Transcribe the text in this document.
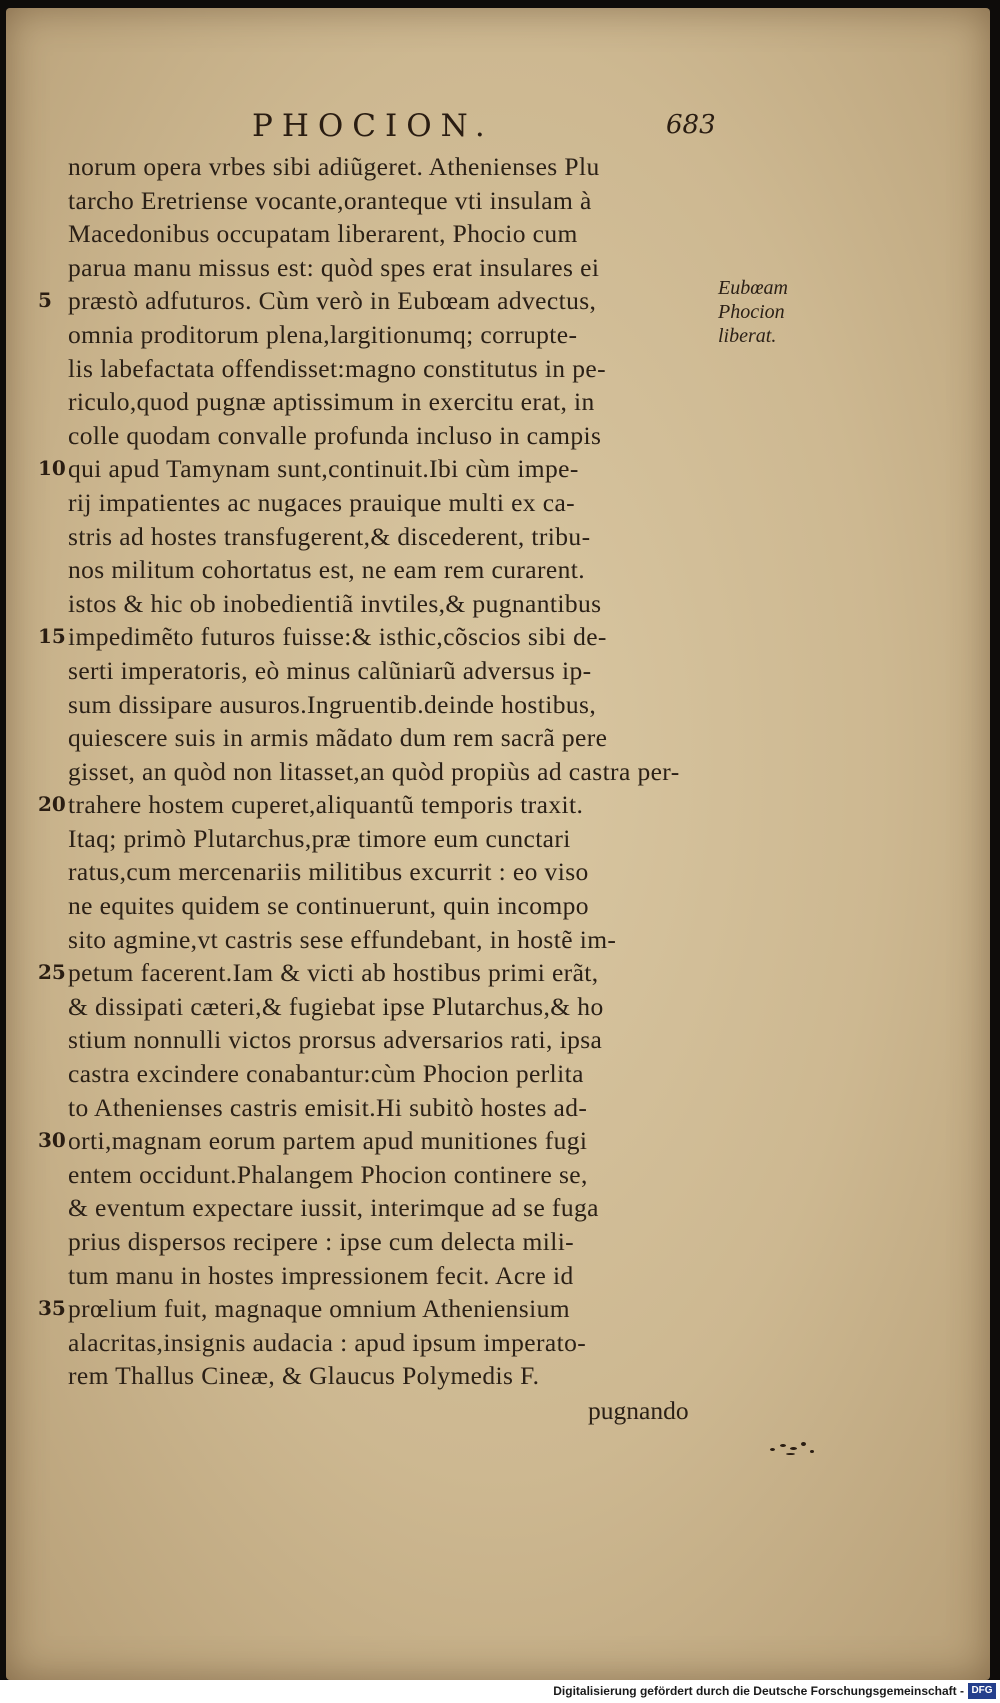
PHOCION.	683
norum opera vrbes sibi adiũgeret. Athenienses Plu
tarcho Eretriense vocante,oranteque vti insulam à
Macedonibus occupatam liberarent, Phocio cum
parua manu missus est: quòd spes erat insulares ei
5 præstò adfuturos. Cùm verò in Eubœam advectus,
omnia proditorum plena,largitionumq; corrupte-
lis labefactata offendisset:magno constitutus in pe-
riculo,quod pugnæ aptissimum in exercitu erat, in
colle quodam convalle profunda incluso in campis
10 qui apud Tamynam sunt,continuit.Ibi cùm impe-
rij impatientes ac nugaces prauique multi ex ca-
stris ad hostes transfugerent,& discederent, tribu-
nos militum cohortatus est, ne eam rem curarent.
istos & hic ob inobedientiã invtiles,& pugnantibus
15 impedimẽto futuros fuisse:& isthic,cõscios sibi de-
serti imperatoris, eò minus calũniarũ adversus ip-
sum dissipare ausuros.Ingruentib.deinde hostibus,
quiescere suis in armis mãdato dum rem sacrã pere
gisset, an quòd non litasset,an quòd propiùs ad castra per-
20 trahere hostem cuperet,aliquantũ temporis traxit.
Itaq; primò Plutarchus,præ timore eum cunctari
ratus,cum mercenariis militibus excurrit : eo viso
ne equites quidem se continuerunt, quin incompo
sito agmine,vt castris sese effundebant, in hostẽ im-
25 petum facerent.Iam & victi ab hostibus primi erãt,
& dissipati cæteri,& fugiebat ipse Plutarchus,& ho
stium nonnulli victos prorsus adversarios rati, ipsa
castra excindere conabantur:cùm Phocion perlita
to Athenienses castris emisit.Hi subitò hostes ad-
30 orti,magnam eorum partem apud munitiones fugi
entem occidunt.Phalangem Phocion continere se,
& eventum expectare iussit, interimque ad se fuga
prius dispersos recipere : ipse cum delecta mili-
tum manu in hostes impressionem fecit. Acre id
35 prœlium fuit, magnaque omnium Atheniensium
alacritas,insignis audacia : apud ipsum imperato-
rem Thallus Cineæ, & Glaucus Polymedis F.
pugnando
Eubœam
Phocion
liberat.
Digitalisierung gefördert durch die Deutsche Forschungsgemeinschaft - DFG
